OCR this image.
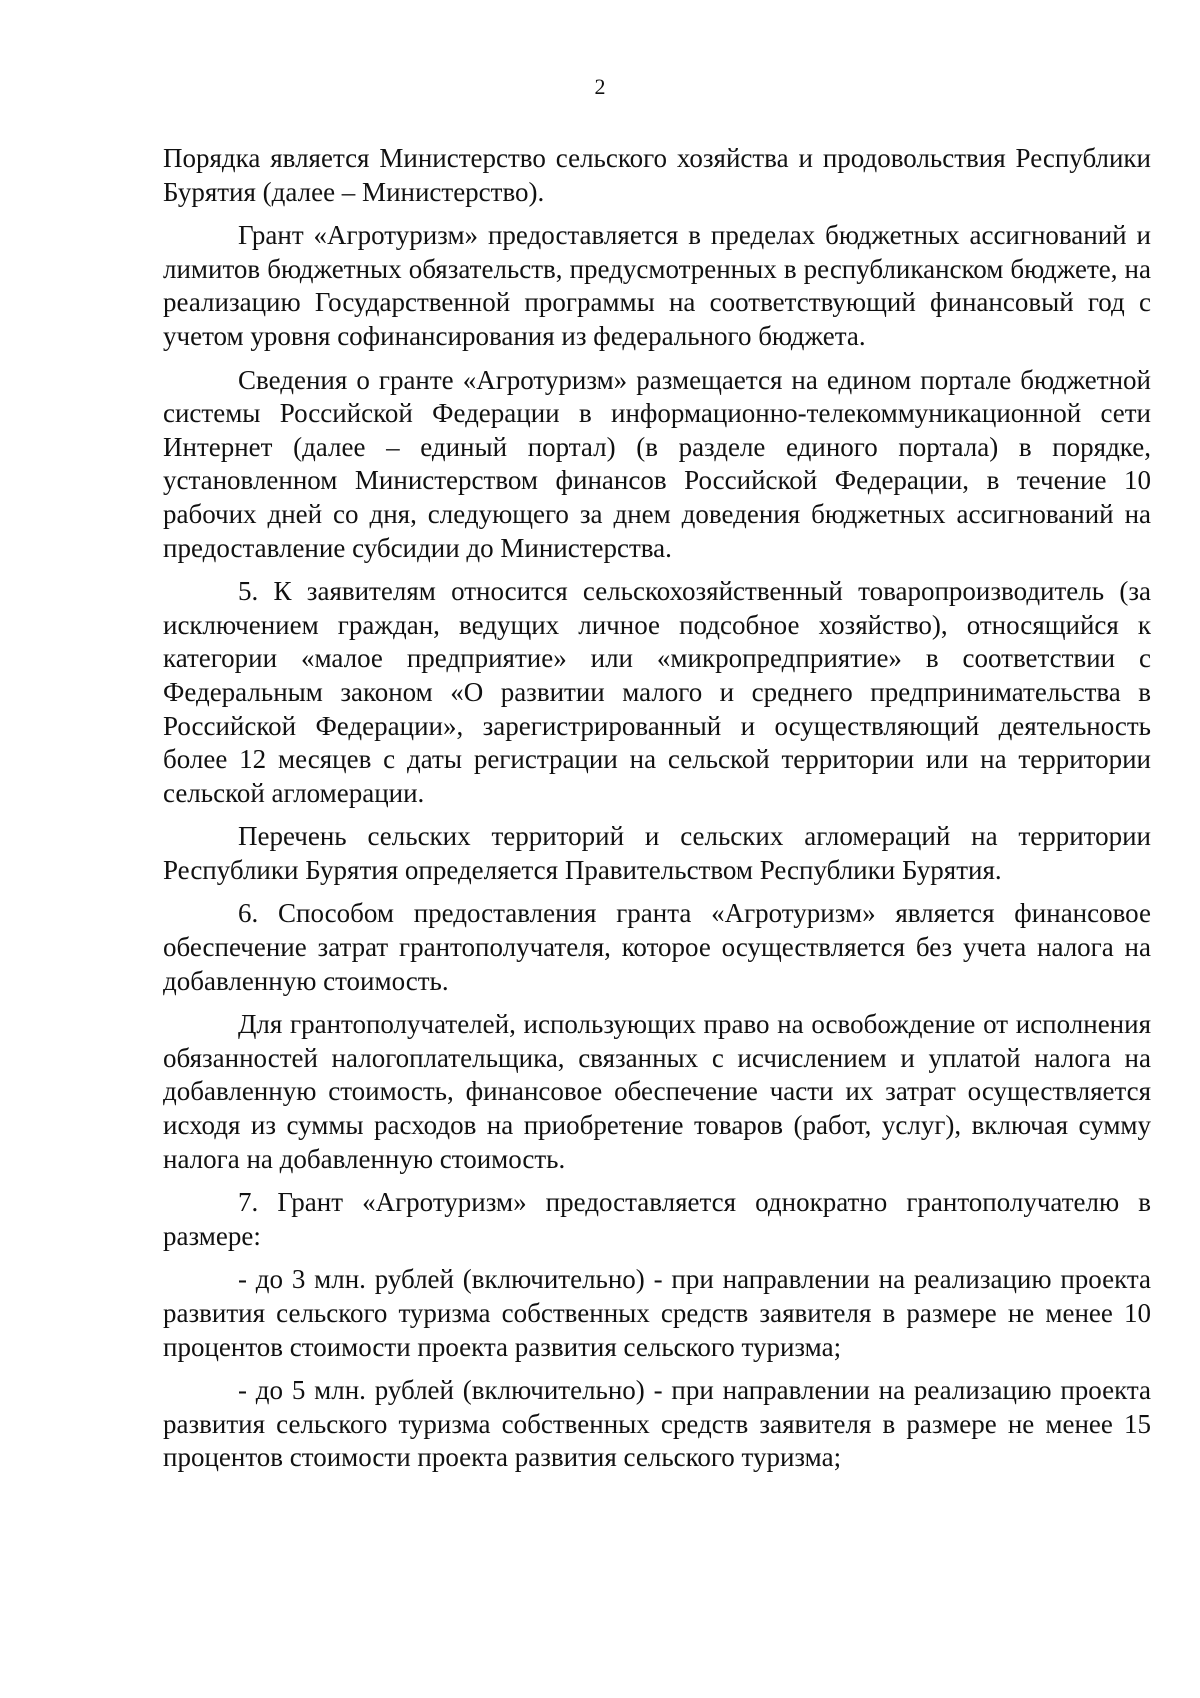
2

Порядка является Министерство сельского хозяйства и продовольствия Республики Бурятия (далее – Министерство).

Грант «Агротуризм» предоставляется в пределах бюджетных ассигнований и лимитов бюджетных обязательств, предусмотренных в республиканском бюджете, на реализацию Государственной программы на соответствующий финансовый год с учетом уровня софинансирования из федерального бюджета.

Сведения о гранте «Агротуризм» размещается на едином портале бюджетной системы Российской Федерации в информационно-телекоммуникационной сети Интернет (далее – единый портал) (в разделе единого портала) в порядке, установленном Министерством финансов Российской Федерации, в течение 10 рабочих дней со дня, следующего за днем доведения бюджетных ассигнований на предоставление субсидии до Министерства.

5. К заявителям относится сельскохозяйственный товаропроизводитель (за исключением граждан, ведущих личное подсобное хозяйство), относящийся к категории «малое предприятие» или «микропредприятие» в соответствии с Федеральным законом «О развитии малого и среднего предпринимательства в Российской Федерации», зарегистрированный и осуществляющий деятельность более 12 месяцев с даты регистрации на сельской территории или на территории сельской агломерации.

Перечень сельских территорий и сельских агломераций на территории Республики Бурятия определяется Правительством Республики Бурятия.

6. Способом предоставления гранта «Агротуризм» является финансовое обеспечение затрат грантополучателя, которое осуществляется без учета налога на добавленную стоимость.

Для грантополучателей, использующих право на освобождение от исполнения обязанностей налогоплательщика, связанных с исчислением и уплатой налога на добавленную стоимость, финансовое обеспечение части их затрат осуществляется исходя из суммы расходов на приобретение товаров (работ, услуг), включая сумму налога на добавленную стоимость.

7. Грант «Агротуризм» предоставляется однократно грантополучателю в размере:

- до 3 млн. рублей (включительно) - при направлении на реализацию проекта развития сельского туризма собственных средств заявителя в размере не менее 10 процентов стоимости проекта развития сельского туризма;

- до 5 млн. рублей (включительно) - при направлении на реализацию проекта развития сельского туризма собственных средств заявителя в размере не менее 15 процентов стоимости проекта развития сельского туризма;
